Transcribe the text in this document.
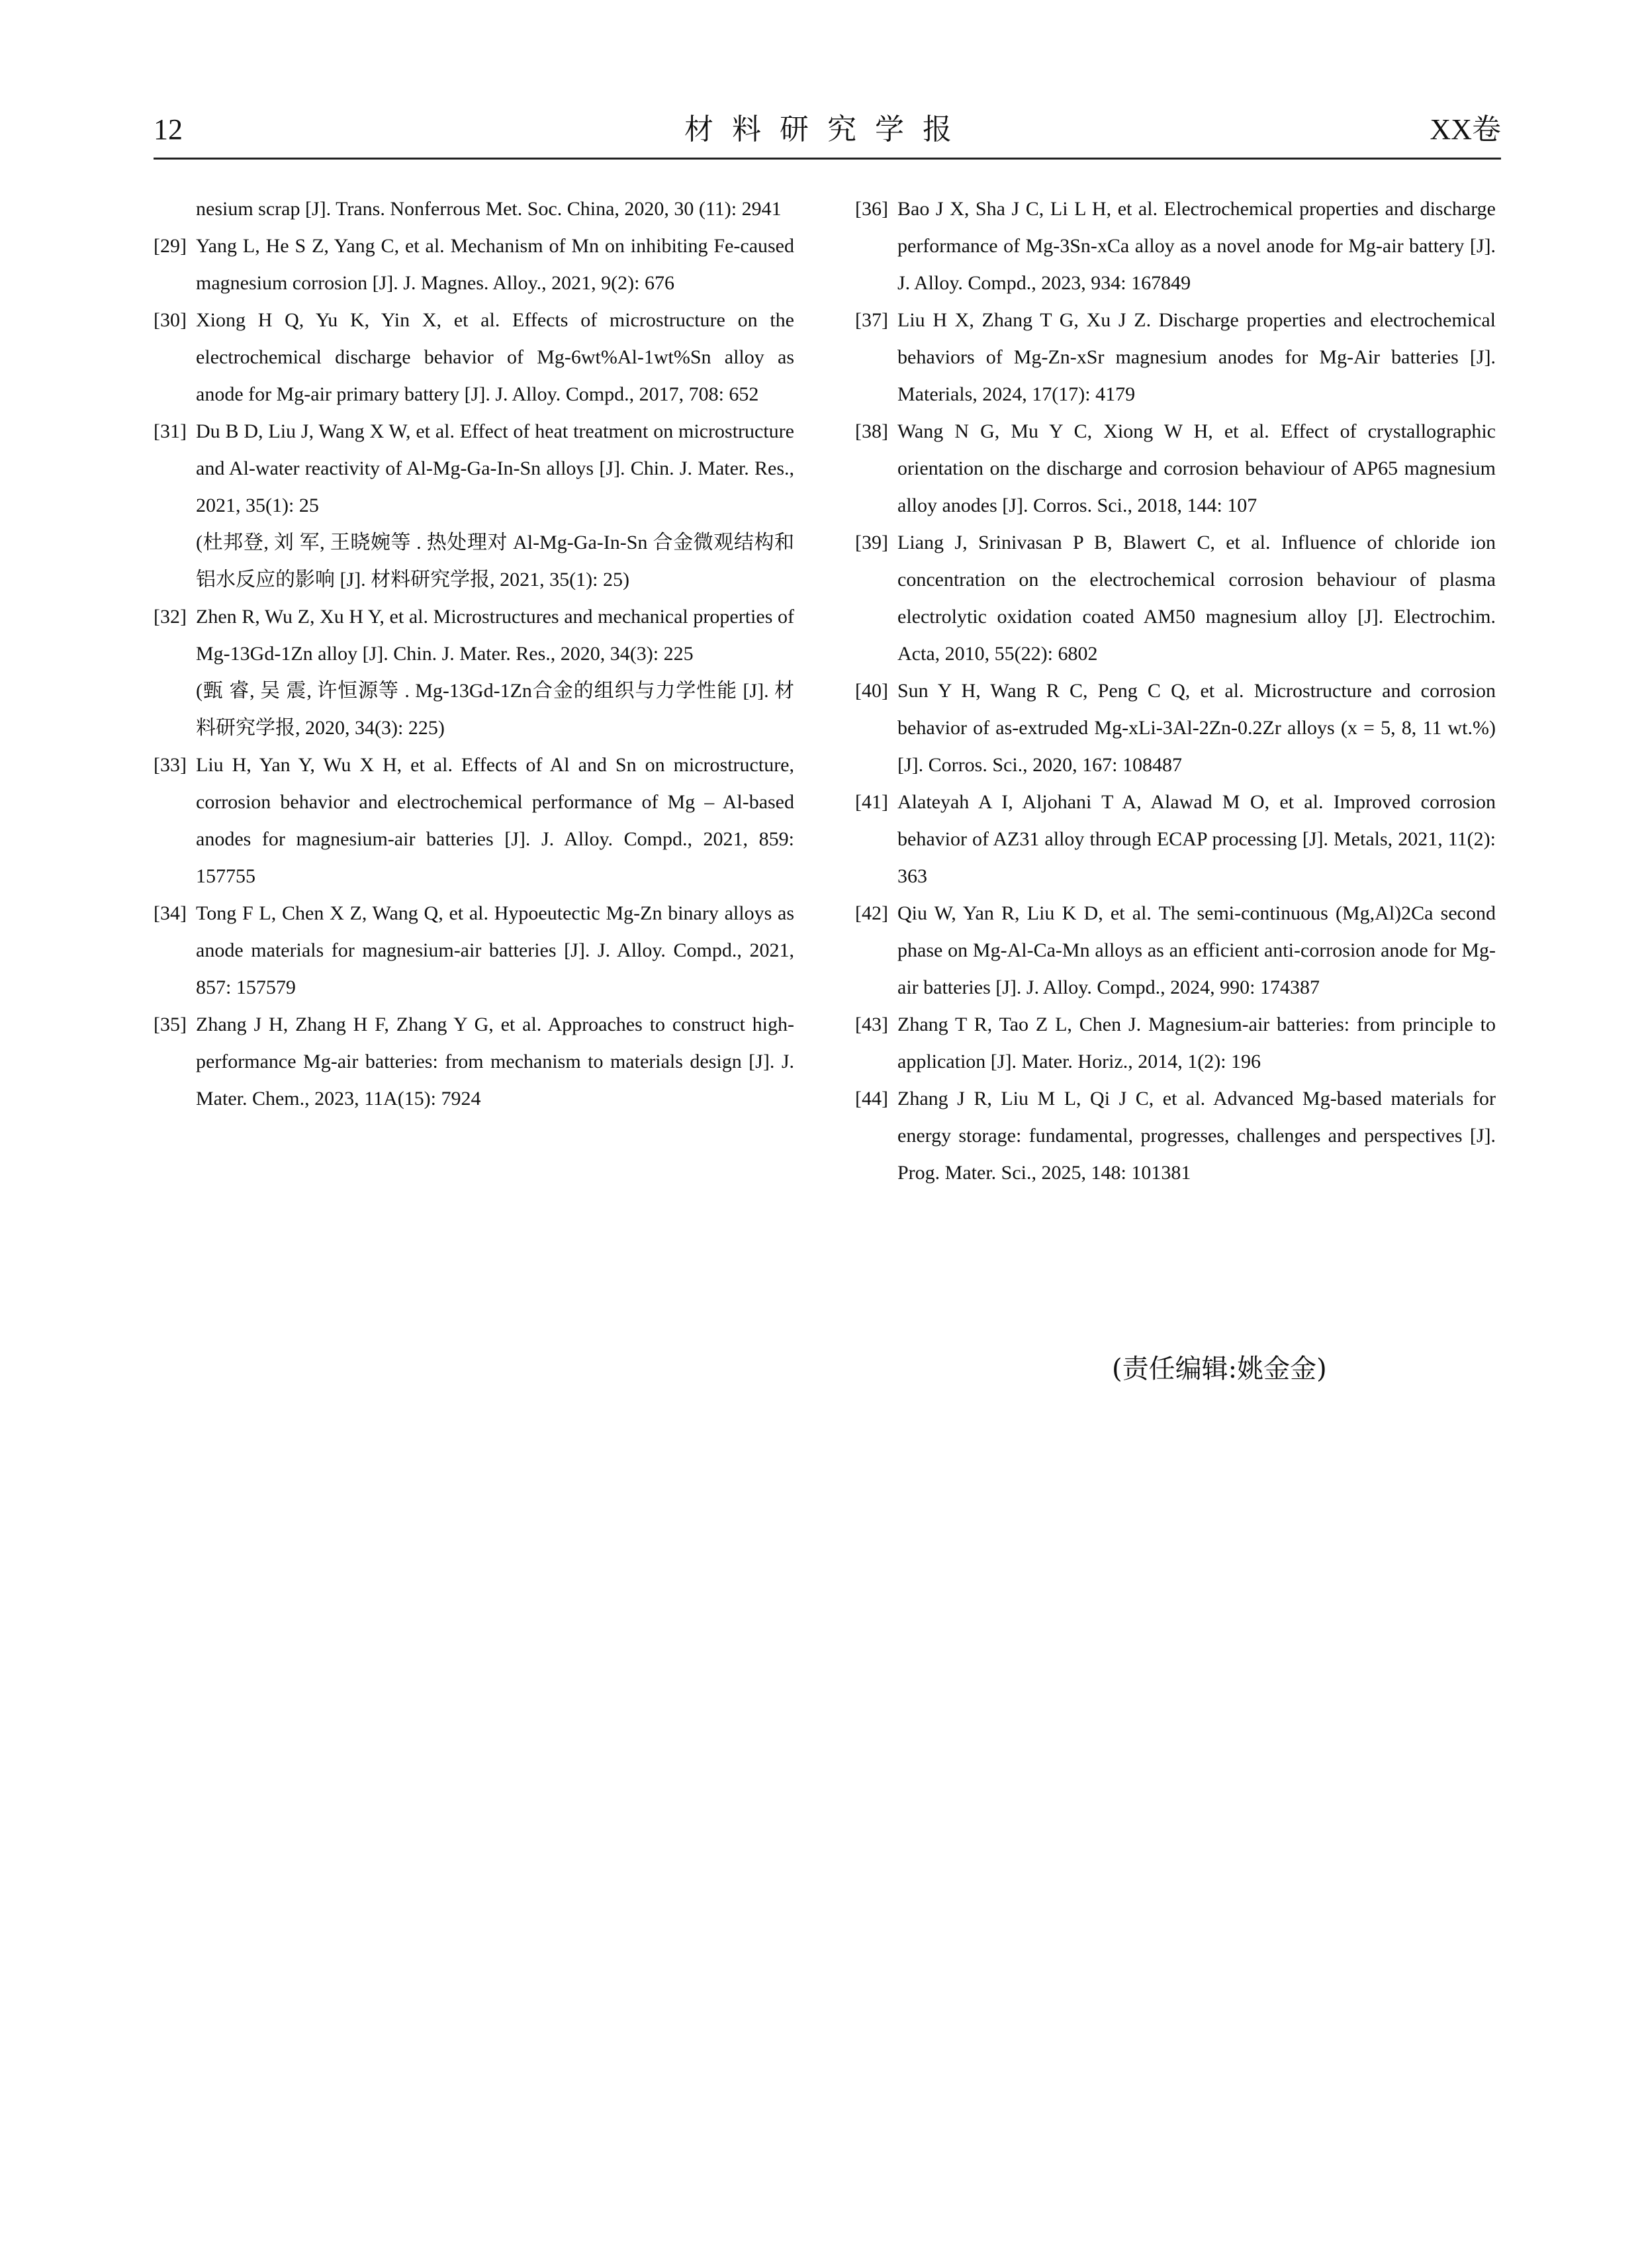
12	材料研究学报	XX卷
nesium scrap [J]. Trans. Nonferrous Met. Soc. China, 2020, 30 (11): 2941
[29] Yang L, He S Z, Yang C, et al. Mechanism of Mn on inhibiting Fe-caused magnesium corrosion [J]. J. Magnes. Alloy., 2021, 9(2): 676
[30] Xiong H Q, Yu K, Yin X, et al. Effects of microstructure on the electrochemical discharge behavior of Mg-6wt%Al-1wt%Sn alloy as anode for Mg-air primary battery [J]. J. Alloy. Compd., 2017, 708: 652
[31] Du B D, Liu J, Wang X W, et al. Effect of heat treatment on microstructure and Al-water reactivity of Al-Mg-Ga-In-Sn alloys [J]. Chin. J. Mater. Res., 2021, 35(1): 25
(杜邦登, 刘 军, 王晓婉等 . 热处理对 Al-Mg-Ga-In-Sn 合金微观结构和铝水反应的影响 [J]. 材料研究学报, 2021, 35(1): 25)
[32] Zhen R, Wu Z, Xu H Y, et al. Microstructures and mechanical properties of Mg-13Gd-1Zn alloy [J]. Chin. J. Mater. Res., 2020, 34(3): 225
(甄 睿, 吴 震, 许恒源等 . Mg-13Gd-1Zn合金的组织与力学性能 [J]. 材料研究学报, 2020, 34(3): 225)
[33] Liu H, Yan Y, Wu X H, et al. Effects of Al and Sn on microstructure, corrosion behavior and electrochemical performance of Mg – Al-based anodes for magnesium-air batteries [J]. J. Alloy. Compd., 2021, 859: 157755
[34] Tong F L, Chen X Z, Wang Q, et al. Hypoeutectic Mg-Zn binary alloys as anode materials for magnesium-air batteries [J]. J. Alloy. Compd., 2021, 857: 157579
[35] Zhang J H, Zhang H F, Zhang Y G, et al. Approaches to construct high-performance Mg-air batteries: from mechanism to materials design [J]. J. Mater. Chem., 2023, 11A(15): 7924
[36] Bao J X, Sha J C, Li L H, et al. Electrochemical properties and discharge performance of Mg-3Sn-xCa alloy as a novel anode for Mg-air battery [J]. J. Alloy. Compd., 2023, 934: 167849
[37] Liu H X, Zhang T G, Xu J Z. Discharge properties and electrochemical behaviors of Mg-Zn-xSr magnesium anodes for Mg-Air batteries [J]. Materials, 2024, 17(17): 4179
[38] Wang N G, Mu Y C, Xiong W H, et al. Effect of crystallographic orientation on the discharge and corrosion behaviour of AP65 magnesium alloy anodes [J]. Corros. Sci., 2018, 144: 107
[39] Liang J, Srinivasan P B, Blawert C, et al. Influence of chloride ion concentration on the electrochemical corrosion behaviour of plasma electrolytic oxidation coated AM50 magnesium alloy [J]. Electrochim. Acta, 2010, 55(22): 6802
[40] Sun Y H, Wang R C, Peng C Q, et al. Microstructure and corrosion behavior of as-extruded Mg-xLi-3Al-2Zn-0.2Zr alloys (x = 5, 8, 11 wt.%) [J]. Corros. Sci., 2020, 167: 108487
[41] Alateyah A I, Aljohani T A, Alawad M O, et al. Improved corrosion behavior of AZ31 alloy through ECAP processing [J]. Metals, 2021, 11(2): 363
[42] Qiu W, Yan R, Liu K D, et al. The semi-continuous (Mg,Al)2Ca second phase on Mg-Al-Ca-Mn alloys as an efficient anti-corrosion anode for Mg-air batteries [J]. J. Alloy. Compd., 2024, 990: 174387
[43] Zhang T R, Tao Z L, Chen J. Magnesium-air batteries: from principle to application [J]. Mater. Horiz., 2014, 1(2): 196
[44] Zhang J R, Liu M L, Qi J C, et al. Advanced Mg-based materials for energy storage: fundamental, progresses, challenges and perspectives [J]. Prog. Mater. Sci., 2025, 148: 101381
(责任编辑:姚金金)
